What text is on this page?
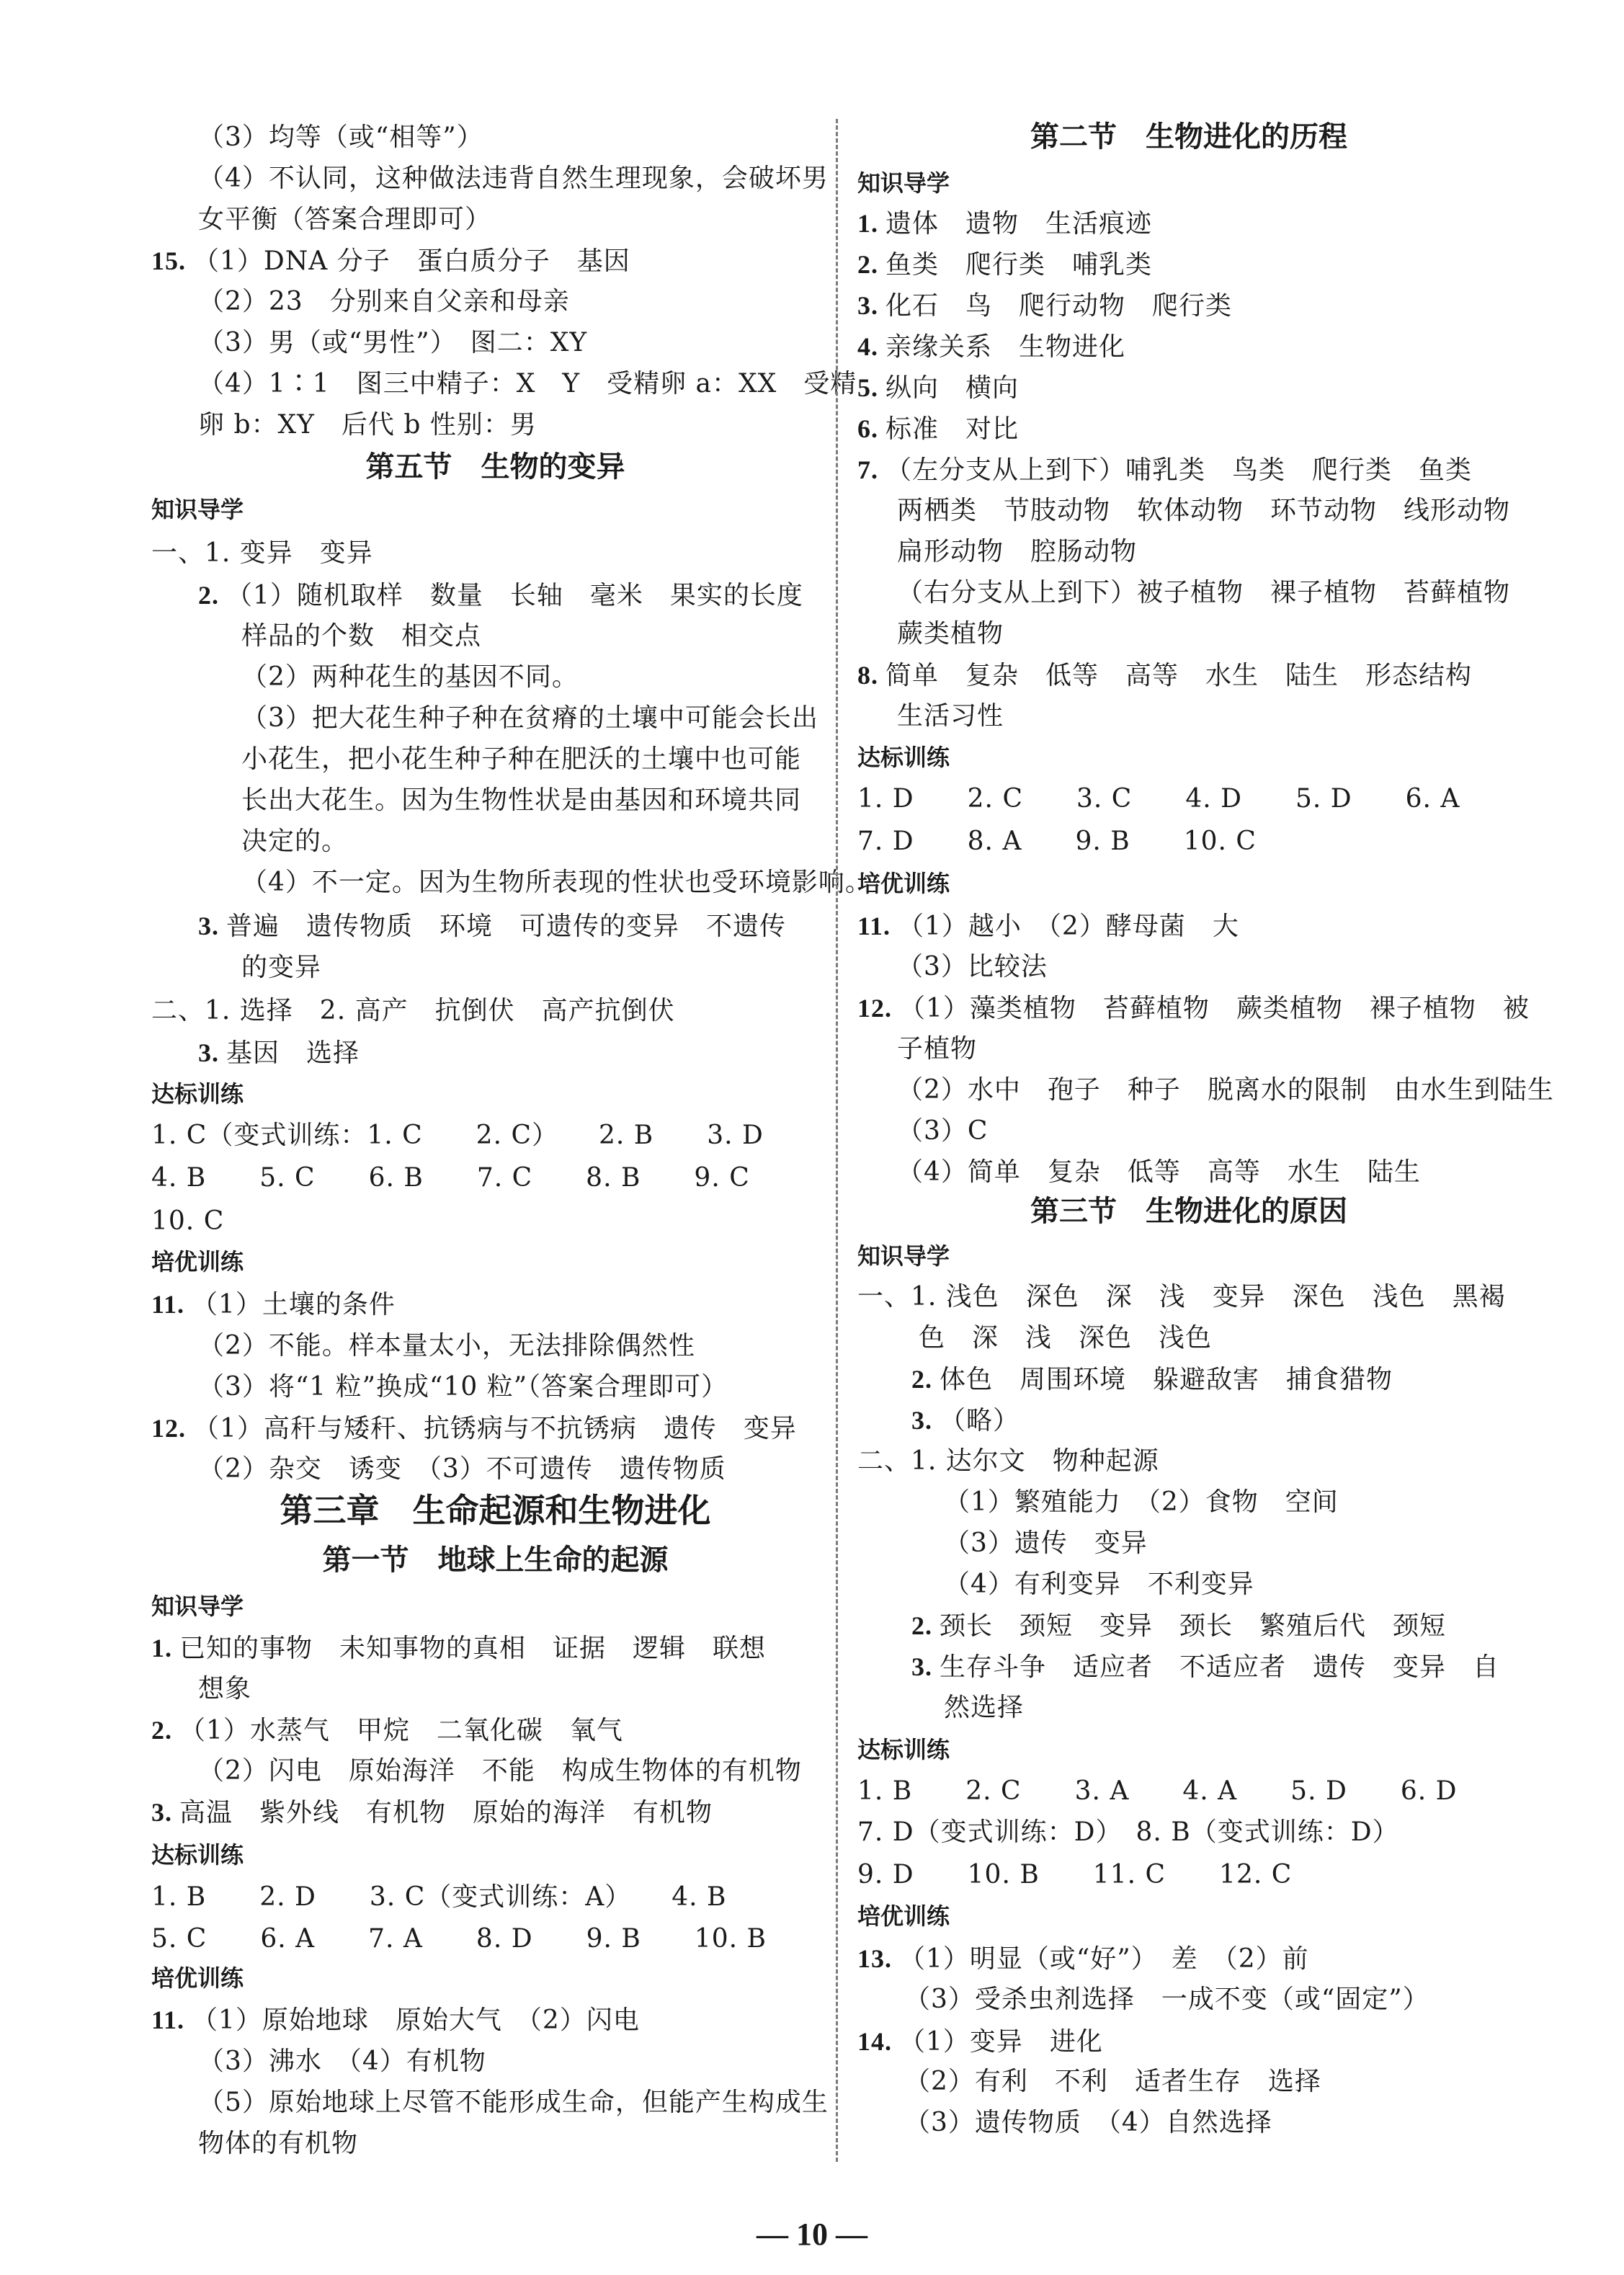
（3）均等（或“相等”）
（4）不认同，这种做法违背自然生理现象，会破坏男
女平衡（答案合理即可）
15. （1）DNA 分子　蛋白质分子　基因
（2）23　分别来自父亲和母亲
（3）男（或“男性”）　图二：XY
（4）1∶1　图三中精子：X　Y　受精卵 a：XX　受精
卵 b：XY　后代 b 性别：男
第五节　生物的变异
知识导学
一、1. 变异　变异
2. （1）随机取样　数量　长轴　毫米　果实的长度
样品的个数　相交点
（2）两种花生的基因不同。
（3）把大花生种子种在贫瘠的土壤中可能会长出
小花生，把小花生种子种在肥沃的土壤中也可能
长出大花生。因为生物性状是由基因和环境共同
决定的。
（4）不一定。因为生物所表现的性状也受环境影响。
3. 普遍　遗传物质　环境　可遗传的变异　不遗传
的变异
二、1. 选择　2. 高产　抗倒伏　高产抗倒伏
3. 基因　选择
达标训练
1. C（变式训练：1. C　　2. C）　　2. B　　3. D
4. B　　5. C　　6. B　　7. C　　8. B　　9. C
10. C
培优训练
11. （1）土壤的条件
（2）不能。样本量太小，无法排除偶然性
（3）将“1 粒”换成“10 粒”（答案合理即可）
12. （1）高秆与矮秆、抗锈病与不抗锈病　遗传　变异
（2）杂交　诱变　（3）不可遗传　遗传物质
第三章　生命起源和生物进化
第一节　地球上生命的起源
知识导学
1. 已知的事物　未知事物的真相　证据　逻辑　联想
想象
2. （1）水蒸气　甲烷　二氧化碳　氧气
（2）闪电　原始海洋　不能　构成生物体的有机物
3. 高温　紫外线　有机物　原始的海洋　有机物
达标训练
1. B　　2. D　　3. C（变式训练：A）　　4. B
5. C　　6. A　　7. A　　8. D　　9. B　　10. B
培优训练
11. （1）原始地球　原始大气　（2）闪电
（3）沸水　（4）有机物
（5）原始地球上尽管不能形成生命，但能产生构成生
物体的有机物
第二节　生物进化的历程
知识导学
1. 遗体　遗物　生活痕迹
2. 鱼类　爬行类　哺乳类
3. 化石　鸟　爬行动物　爬行类
4. 亲缘关系　生物进化
5. 纵向　横向
6. 标准　对比
7. （左分支从上到下）哺乳类　鸟类　爬行类　鱼类
两栖类　节肢动物　软体动物　环节动物　线形动物
扁形动物　腔肠动物
（右分支从上到下）被子植物　裸子植物　苔藓植物
蕨类植物
8. 简单　复杂　低等　高等　水生　陆生　形态结构
生活习性
达标训练
1. D　　2. C　　3. C　　4. D　　5. D　　6. A
7. D　　8. A　　9. B　　10. C
培优训练
11. （1）越小　（2）酵母菌　大
（3）比较法
12. （1）藻类植物　苔藓植物　蕨类植物　裸子植物　被
子植物
（2）水中　孢子　种子　脱离水的限制　由水生到陆生
（3）C
（4）简单　复杂　低等　高等　水生　陆生
第三节　生物进化的原因
知识导学
一、1. 浅色　深色　深　浅　变异　深色　浅色　黑褐
色　深　浅　深色　浅色
2. 体色　周围环境　躲避敌害　捕食猎物
3. （略）
二、1. 达尔文　物种起源
（1）繁殖能力　（2）食物　空间
（3）遗传　变异
（4）有利变异　不利变异
2. 颈长　颈短　变异　颈长　繁殖后代　颈短
3. 生存斗争　适应者　不适应者　遗传　变异　自
然选择
达标训练
1. B　　2. C　　3. A　　4. A　　5. D　　6. D
7. D（变式训练：D）　8. B（变式训练：D）
9. D　　10. B　　11. C　　12. C
培优训练
13. （1）明显（或“好”）　差　（2）前
（3）受杀虫剂选择　一成不变（或“固定”）
14. （1）变异　进化
（2）有利　不利　适者生存　选择
（3）遗传物质　（4）自然选择
— 10 —
